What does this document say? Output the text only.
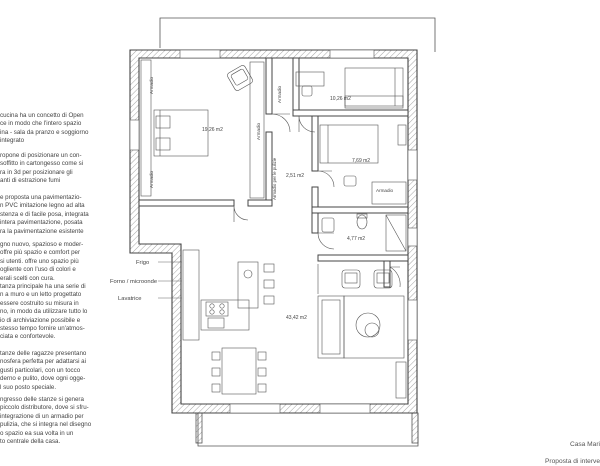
19,26 m2
10,26 m2
7,69 m2
2,51 m2
4,77 m2
43,42 m2
Armadio
Armadio
Armadio
Armadio
Armadio
Armadio per le pulizie
Frigo
Forno / microonde
Lavatrice

cucina ha un concetto di Open
ce in modo che l'intero spazio
ina - sala da pranzo e soggiorno
integrato

ropone di posizionare un con-
soffitto in cartongesso come si
ra in 3d per posizionare gli
anti di estrazione fumi

e proposta una pavimentazio-
n PVC imitazione legno ad alta
stenza e di facile posa, integrata
intera pavimentazione, posata
ra la pavimentazione esistente

gno nuovo, spazioso e moder-
offre più spazio e comfort per
si utenti. offre uno spazio più
ogliente con l'uso di colori e
erali scelti con cura.

tanza principale ha una serie di
n a muro e un letto progettato
essere costruito su misura in
no, in modo da utilizzare tutto lo
io di archiviazione possibile e
stesso tempo fornire un'atmos-
ciata e confortevole.

tanze delle ragazze presentano
nosfera perfetta per adattarsi ai
gusti particolari, con un tocco
derno e pulito, dove ogni ogge-
l suo posto speciale.

ngresso delle stanze si genera
piccolo distributore, dove si sfru-
integrazione di un armadio per
pulizia, che si integra nel disegno
o spazio ea sua volta in un
to centrale della casa.	Casa Mari

Proposta di interve
